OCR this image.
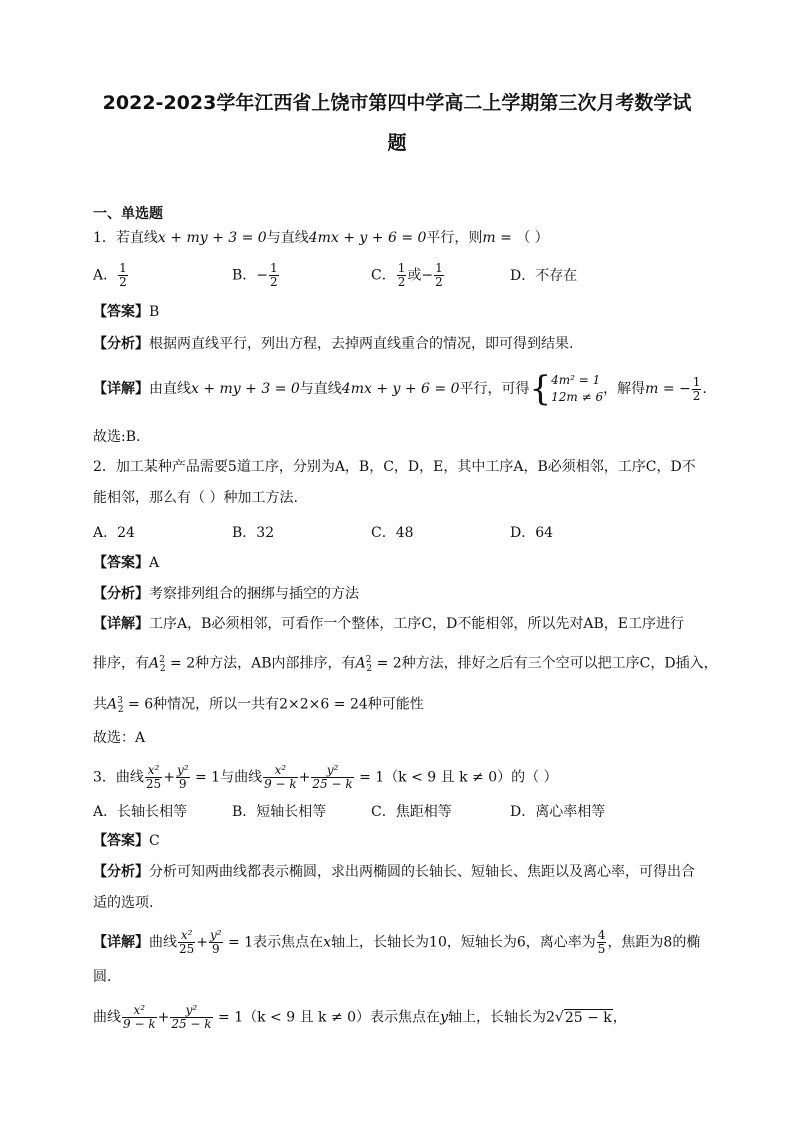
2022-2023学年江西省上饶市第四中学高二上学期第三次月考数学试
题
一、单选题
1．若直线x + my + 3 = 0与直线4mx + y + 6 = 0平行，则m = （ ）
A． $\frac{1}{2}$	B．− $\frac{1}{2}$	C． $\frac{1}{2}$ 或− $\frac{1}{2}$	D．不存在
【答案】B
【分析】根据两直线平行，列出方程，去掉两直线重合的情况，即可得到结果.
【详解】由直线x + my + 3 = 0与直线4mx + y + 6 = 0平行，可得 { 4m² = 1
12m ≠ 6 ，解得m = − $\frac{1}{2}$ .
故选:B.
2．加工某种产品需要5道工序，分别为A，B，C，D，E，其中工序A，B必须相邻，工序C，D不
能相邻，那么有（ ）种加工方法.
A．24	B．32	C．48	D．64
【答案】A
【分析】考察排列组合的捆绑与插空的方法
【详解】工序A，B必须相邻，可看作一个整体，工序C，D不能相邻，所以先对AB，E工序进行
排序，有$A^2_2 = 2$种方法，AB内部排序，有$A^2_2 = 2$种方法，排好之后有三个空可以把工序C，D插入，
共$A^3_2 = 6$种情况，所以一共有2×2×6 = 24种可能性
故选：A
3．曲线 $\frac{\text{x²}}{25} + \frac{\text{y²}}{9} = 1$与曲线 $\frac{\text{x²}}{9 - k} + \frac{\text{y²}}{25 - k} = 1(k < 9$ 且 k ≠ 0）的（ ）
A．长轴长相等	B．短轴长相等	C．焦距相等	D．离心率相等
【答案】C
【分析】分析可知两曲线都表示椭圆，求出两椭圆的长轴长、短轴长、焦距以及离心率，可得出合
适的选项.
【详解】曲线 $\frac{\text{x²}}{25} + \frac{\text{y²}}{9} = 1$表示焦点在x轴上，长轴长为10，短轴长为6，离心率为 $\frac{4}{5}$ ，焦距为8的椭
圆.
曲线 $\frac{\text{x²}}{9 - k} + \frac{\text{y²}}{25 - k} = 1(k < 9$ 且 k ≠ 0）表示焦点在y轴上，长轴长为2√25 − k，
